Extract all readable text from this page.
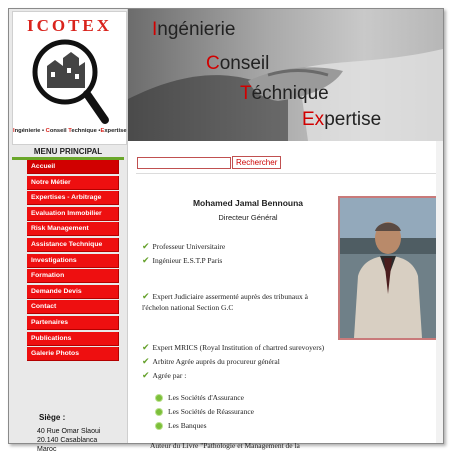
ICOTEX
Ingénierie • Conseil Technique •Expertise
MENU PRINCIPAL
Accueil
Notre Métier
Expertises - Arbitrage
Evaluation Immobilier
Risk Management
Assistance Technique
Investigations
Formation
Demande Devis
Contact
Partenaires
Publications
Galerie Photos
Siège :
40 Rue Omar Slaoui
20.140 Casablanca
Maroc
Ingénierie
Conseil
Téchnique
Expertise
Rechercher
Mohamed Jamal Bennouna
Directeur Général
✔ Professeur Universitaire
✔ Ingénieur E.S.T.P Paris
✔ Expert Judiciaire assermenté auprès des tribunaux à
l'échelon national Section G.C
✔ Expert MRICS (Royal Institution of chartred surevoyers)
✔ Arbitre Agrée auprès du procureur général
✔ Agrée par :
Les Sociétés d'Assurance
Les Sociétés de Réassurance
Les Banques
Auteur du Livre "Pathologie et Management de la
